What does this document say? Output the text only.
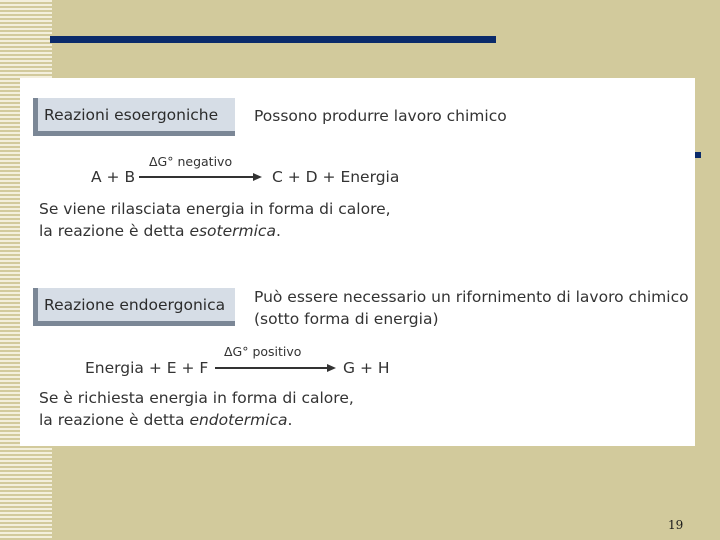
Reazioni esoergoniche Possono produrre lavoro chimico
A + B
ΔG° negativo
C + D + Energia
Se viene rilasciata energia in forma di calore,
la reazione è detta esotermica.
Reazione endoergonica Può essere necessario un rifornimento di lavoro chimico
(sotto forma di energia)
Energia + E + F
ΔG° positivo
G + H
Se è richiesta energia in forma di calore,
la reazione è detta endotermica.
19
